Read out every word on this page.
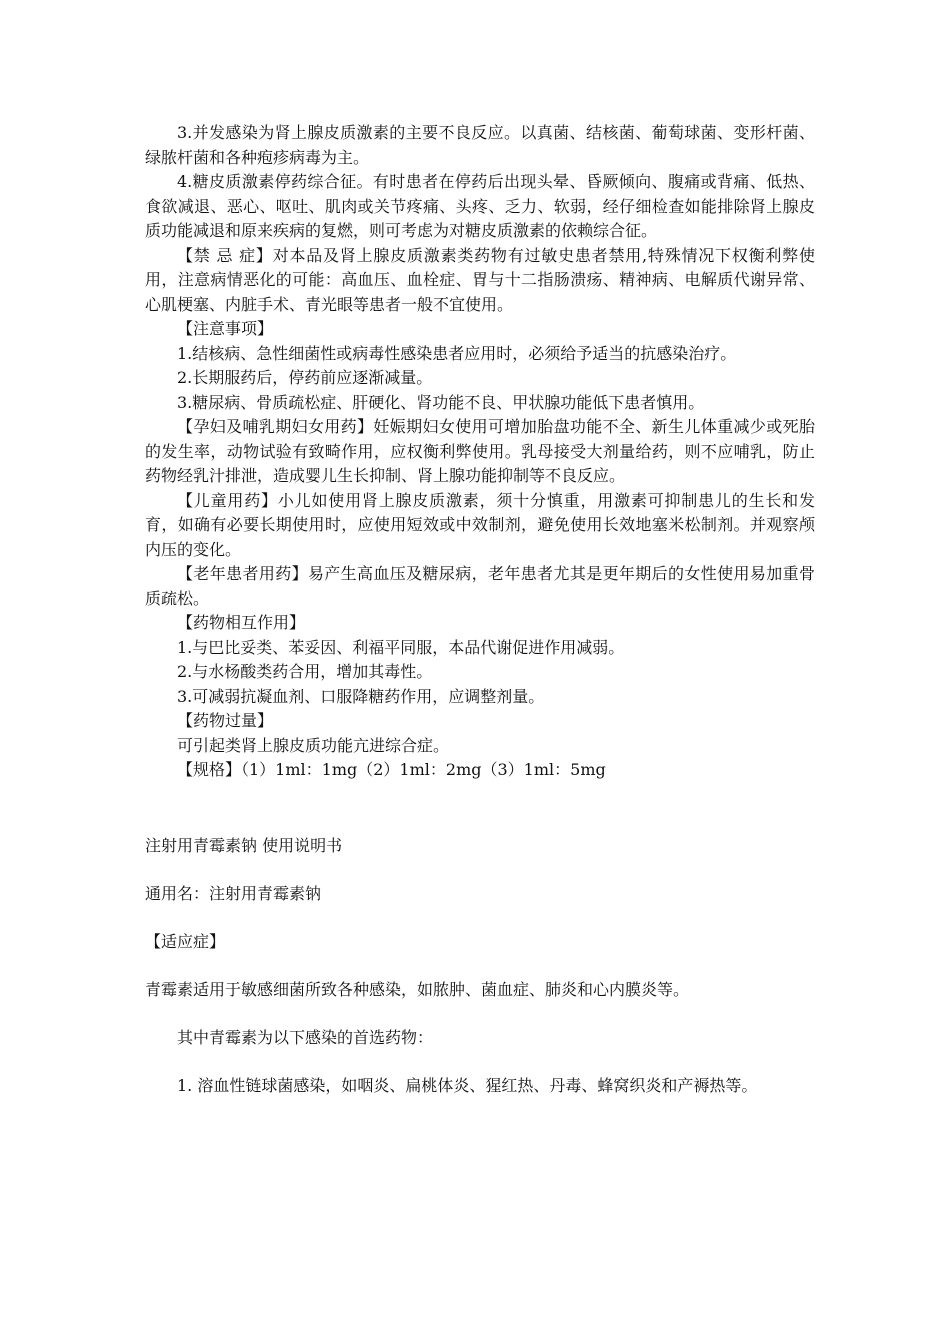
3.并发感染为肾上腺皮质激素的主要不良反应。以真菌、结核菌、葡萄球菌、变形杆菌、绿脓杆菌和各种疱疹病毒为主。

4.糖皮质激素停药综合征。有时患者在停药后出现头晕、昏厥倾向、腹痛或背痛、低热、食欲减退、恶心、呕吐、肌肉或关节疼痛、头疼、乏力、软弱，经仔细检查如能排除肾上腺皮质功能减退和原来疾病的复燃，则可考虑为对糖皮质激素的依赖综合征。

【禁 忌 症】对本品及肾上腺皮质激素类药物有过敏史患者禁用,特殊情况下权衡利弊使用，注意病情恶化的可能：高血压、血栓症、胃与十二指肠溃疡、精神病、电解质代谢异常、心肌梗塞、内脏手术、青光眼等患者一般不宜使用。

【注意事项】

1.结核病、急性细菌性或病毒性感染患者应用时，必须给予适当的抗感染治疗。

2.长期服药后，停药前应逐渐减量。

3.糖尿病、骨质疏松症、肝硬化、肾功能不良、甲状腺功能低下患者慎用。

【孕妇及哺乳期妇女用药】妊娠期妇女使用可增加胎盘功能不全、新生儿体重减少或死胎的发生率，动物试验有致畸作用，应权衡利弊使用。乳母接受大剂量给药，则不应哺乳，防止药物经乳汁排泄，造成婴儿生长抑制、肾上腺功能抑制等不良反应。

【儿童用药】小儿如使用肾上腺皮质激素，须十分慎重，用激素可抑制患儿的生长和发育，如确有必要长期使用时，应使用短效或中效制剂，避免使用长效地塞米松制剂。并观察颅内压的变化。

【老年患者用药】易产生高血压及糖尿病，老年患者尤其是更年期后的女性使用易加重骨质疏松。

【药物相互作用】

1.与巴比妥类、苯妥因、利福平同服，本品代谢促进作用减弱。

2.与水杨酸类药合用，增加其毒性。

3.可减弱抗凝血剂、口服降糖药作用，应调整剂量。

【药物过量】

可引起类肾上腺皮质功能亢进综合症。

【规格】（1）1ml：1mg（2）1ml：2mg（3）1ml：5mg

注射用青霉素钠 使用说明书

通用名：注射用青霉素钠

【适应症】

青霉素适用于敏感细菌所致各种感染，如脓肿、菌血症、肺炎和心内膜炎等。

其中青霉素为以下感染的首选药物：

1. 溶血性链球菌感染，如咽炎、扁桃体炎、猩红热、丹毒、蜂窝织炎和产褥热等。
